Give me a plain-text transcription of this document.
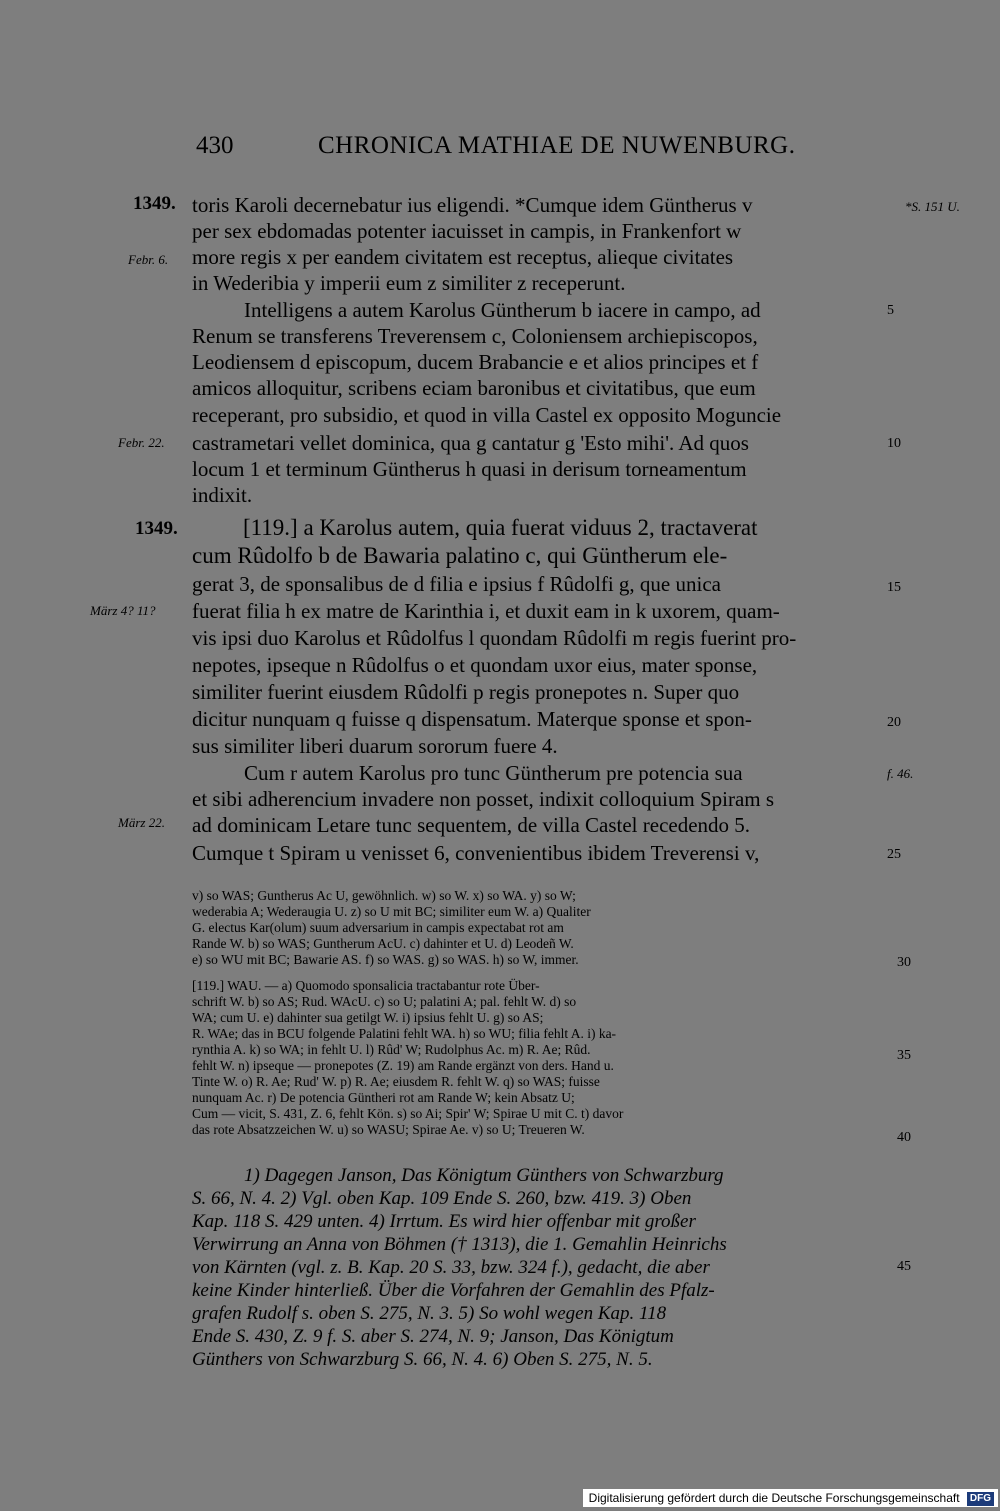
430	CHRONICA MATHIAE DE NUWENBURG.
1349.
1349.
Febr. 6.
Febr. 22.
März 4? 11?
März 22.
*S. 151 U.
f. 46.
5
10
15
20
25
30
35
40
45
toris Karoli decernebatur ius eligendi. *Cumque idem Güntherus v
per sex ebdomadas potenter iacuisset in campis, in Frankenfort w
more regis x per eandem civitatem est receptus, alieque civitates
in Wederibia y imperii eum z similiter z receperunt.
Intelligens a autem Karolus Güntherum b iacere in campo, ad
Renum se transferens Treverensem c, Coloniensem archiepiscopos,
Leodiensem d episcopum, ducem Brabancie e et alios principes et f
amicos alloquitur, scribens eciam baronibus et civitatibus, que eum
receperant, pro subsidio, et quod in villa Castel ex opposito Moguncie
castrametari vellet dominica, qua g cantatur g 'Esto mihi'. Ad quos
locum 1 et terminum Güntherus h quasi in derisum torneamentum
indixit.
[119.] a Karolus autem, quia fuerat viduus 2, tractaverat
cum Rûdolfo b de Bawaria palatino c, qui Güntherum ele-
gerat 3, de sponsalibus de d filia e ipsius f Rûdolfi g, que unica
fuerat filia h ex matre de Karinthia i, et duxit eam in k uxorem, quam-
vis ipsi duo Karolus et Rûdolfus l quondam Rûdolfi m regis fuerint pro-
nepotes, ipseque n Rûdolfus o et quondam uxor eius, mater sponse,
similiter fuerint eiusdem Rûdolfi p regis pronepotes n. Super quo
dicitur nunquam q fuisse q dispensatum. Materque sponse et spon-
sus similiter liberi duarum sororum fuere 4.
Cum r autem Karolus pro tunc Güntherum pre potencia sua
et sibi adherencium invadere non posset, indixit colloquium Spiram s
ad dominicam Letare tunc sequentem, de villa Castel recedendo 5.
Cumque t Spiram u venisset 6, convenientibus ibidem Treverensi v,
v) so WAS; Guntherus Ac U, gewöhnlich. w) so W. x) so WA. y) so W;
wederabia A; Wederaugia U. z) so U mit BC; similiter eum W. a) Qualiter
G. electus Kar(olum) suum adversarium in campis expectabat rot am
Rande W. b) so WAS; Guntherum AcU. c) dahinter et U. d) Leodeñ W.
e) so WU mit BC; Bawarie AS. f) so WAS. g) so WAS. h) so W, immer.
[119.] WAU. — a) Quomodo sponsalicia tractabantur rote Über-
schrift W. b) so AS; Rud. WAcU. c) so U; palatini A; pal. fehlt W. d) so
WA; cum U. e) dahinter sua getilgt W. i) ipsius fehlt U. g) so AS;
R. WAe; das in BCU folgende Palatini fehlt WA. h) so WU; filia fehlt A. i) ka-
rynthia A. k) so WA; in fehlt U. l) Rûd' W; Rudolphus Ac. m) R. Ae; Rûd.
fehlt W. n) ipseque — pronepotes (Z. 19) am Rande ergänzt von ders. Hand u.
Tinte W. o) R. Ae; Rud' W. p) R. Ae; eiusdem R. fehlt W. q) so WAS; fuisse
nunquam Ac. r) De potencia Güntheri rot am Rande W; kein Absatz U;
Cum — vicit, S. 431, Z. 6, fehlt Kön. s) so Ai; Spir' W; Spirae U mit C. t) davor
das rote Absatzzeichen W. u) so WASU; Spirae Ae. v) so U; Treueren W.
1) Dagegen Janson, Das Königtum Günthers von Schwarzburg
S. 66, N. 4. 2) Vgl. oben Kap. 109 Ende S. 260, bzw. 419. 3) Oben
Kap. 118 S. 429 unten. 4) Irrtum. Es wird hier offenbar mit großer
Verwirrung an Anna von Böhmen († 1313), die 1. Gemahlin Heinrichs
von Kärnten (vgl. z. B. Kap. 20 S. 33, bzw. 324 f.), gedacht, die aber
keine Kinder hinterließ. Über die Vorfahren der Gemahlin des Pfalz-
grafen Rudolf s. oben S. 275, N. 3. 5) So wohl wegen Kap. 118
Ende S. 430, Z. 9 f. S. aber S. 274, N. 9; Janson, Das Königtum
Günthers von Schwarzburg S. 66, N. 4. 6) Oben S. 275, N. 5.
Digitalisierung gefördert durch die Deutsche Forschungsgemeinschaft DFG
